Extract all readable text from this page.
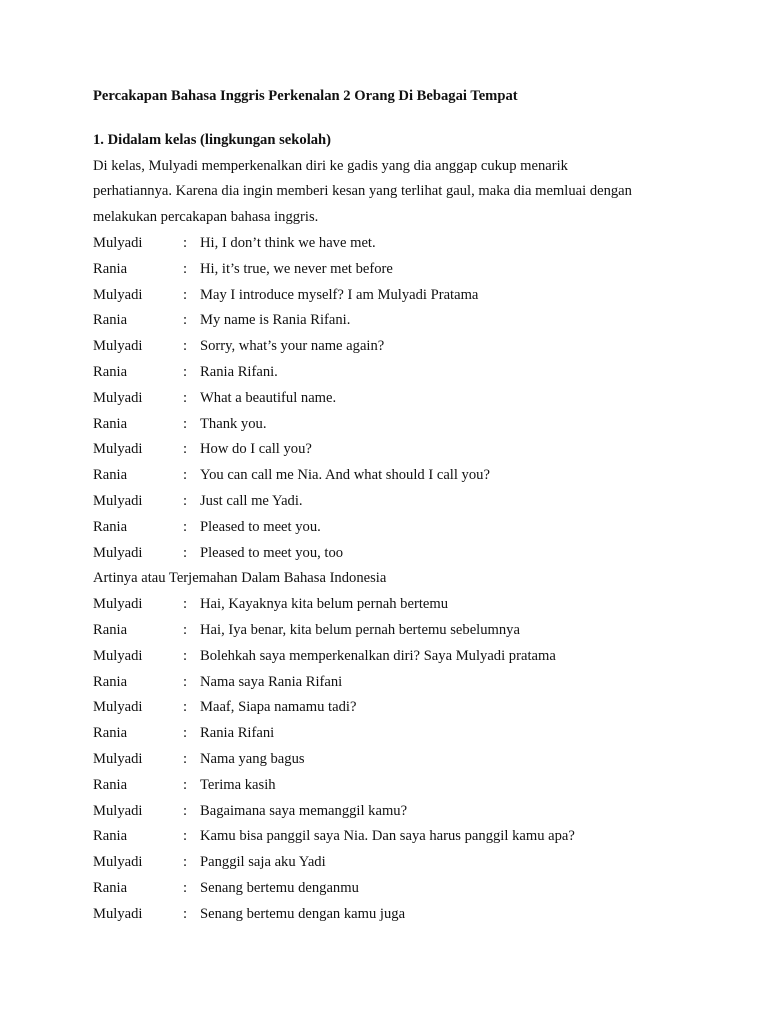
Percakapan Bahasa Inggris Perkenalan 2 Orang Di Bebagai Tempat
1. Didalam kelas (lingkungan sekolah)
Di kelas, Mulyadi memperkenalkan diri ke gadis yang dia anggap cukup menarik
perhatiannya. Karena dia ingin memberi kesan yang terlihat gaul, maka dia memluai dengan
melakukan percakapan bahasa inggris.
Mulyadi	: Hi, I don’t think we have met.
Rania	: Hi, it’s true, we never met before
Mulyadi	: May I introduce myself? I am Mulyadi Pratama
Rania	: My name is Rania Rifani.
Mulyadi	: Sorry, what’s your name again?
Rania	: Rania Rifani.
Mulyadi	: What a beautiful name.
Rania	: Thank you.
Mulyadi	: How do I call you?
Rania	: You can call me Nia. And what should I call you?
Mulyadi	: Just call me Yadi.
Rania	: Pleased to meet you.
Mulyadi	: Pleased to meet you, too
Artinya atau Terjemahan Dalam Bahasa Indonesia
Mulyadi	: Hai, Kayaknya kita belum pernah bertemu
Rania	: Hai, Iya benar, kita belum pernah bertemu sebelumnya
Mulyadi	: Bolehkah saya memperkenalkan diri? Saya Mulyadi pratama
Rania	: Nama saya Rania Rifani
Mulyadi	: Maaf, Siapa namamu tadi?
Rania	: Rania Rifani
Mulyadi	: Nama yang bagus
Rania	: Terima kasih
Mulyadi	: Bagaimana saya memanggil kamu?
Rania	: Kamu bisa panggil saya Nia. Dan saya harus panggil kamu apa?
Mulyadi	: Panggil saja aku Yadi
Rania	: Senang bertemu denganmu
Mulyadi	: Senang bertemu dengan kamu juga
